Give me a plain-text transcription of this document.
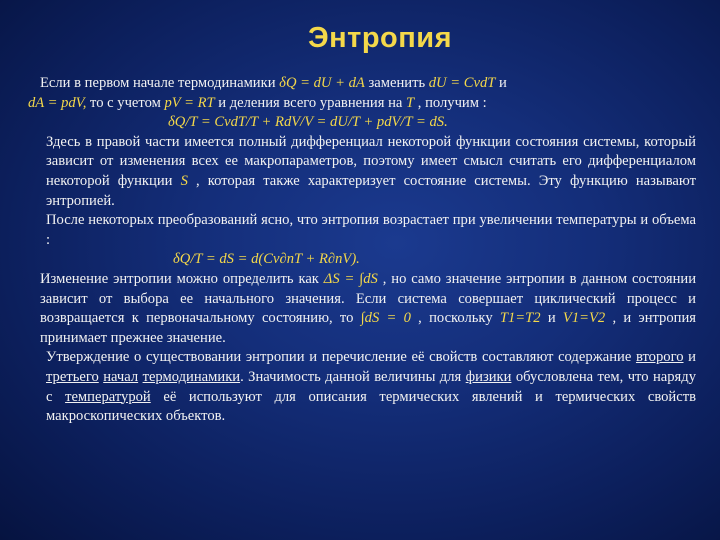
Энтропия
Если в первом начале термодинамики δQ = dU + dA заменить dU = CvdT и
dA = pdV, то с учетом pV = RT и деления всего уравнения на T , получим :
δQ/T = CvdT/T + RdV/V = dU/T + pdV/T = dS.
Здесь в правой части имеется полный дифференциал некоторой функции состояния системы, который зависит от изменения всех ее макропараметров, поэтому имеет смысл считать его дифференциалом некоторой функции S , которая также характеризует состояние системы. Эту функцию называют энтропией.
После некоторых преобразований ясно, что энтропия возрастает при увеличении температуры и объема :
δQ/T = dS = d(Cv∂nT + R∂nV).
Изменение энтропии можно определить как ΔS = ∫dS , но само значение энтропии в данном состоянии зависит от выбора ее начального значения. Если система совершает циклический процесс и возвращается к первоначальному состоянию, то ∫dS = 0 , поскольку T1=T2 и V1=V2 , и энтропия принимает прежнее значение.
Утверждение о существовании энтропии и перечисление её свойств составляют содержание второго и третьего начал термодинамики. Значимость данной величины для физики обусловлена тем, что наряду с температурой её используют для описания термических явлений и термических свойств макроскопических объектов.
